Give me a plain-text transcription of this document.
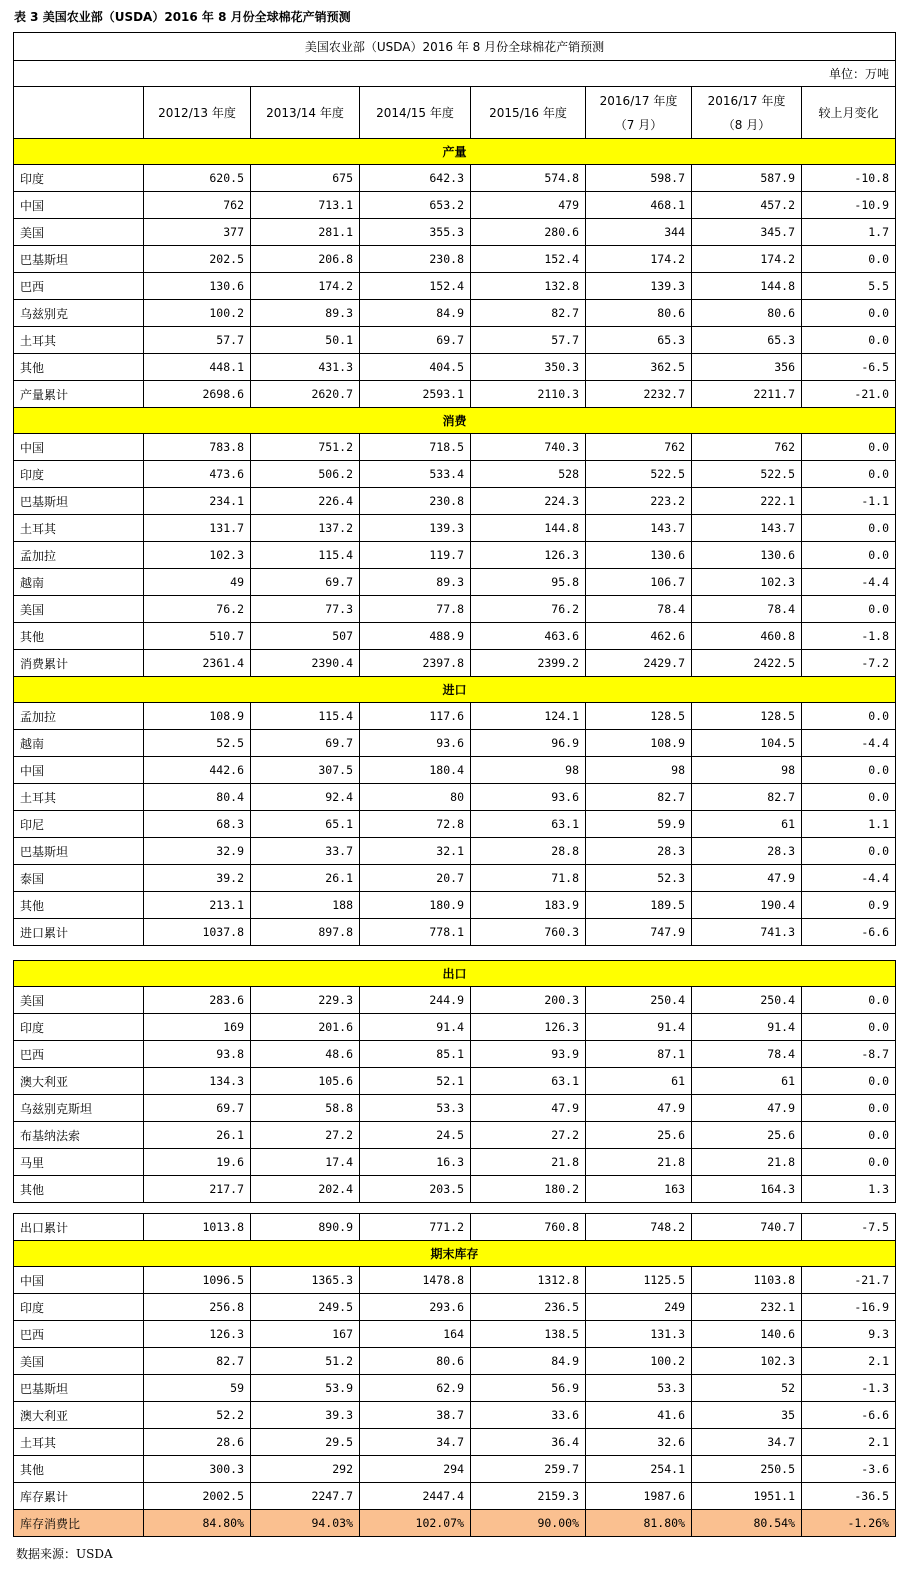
表 3 美国农业部（USDA）2016 年 8 月份全球棉花产销预测
美国农业部（USDA）2016 年 8 月份全球棉花产销预测							
单位：万吨							
	2012/13 年度	2013/14 年度	2014/15 年度	2015/16 年度	2016/17 年度（7 月）	2016/17 年度（8 月）	较上月变化
产量							
印度	620.5	675	642.3	574.8	598.7	587.9	-10.8
中国	762	713.1	653.2	479	468.1	457.2	-10.9
美国	377	281.1	355.3	280.6	344	345.7	1.7
巴基斯坦	202.5	206.8	230.8	152.4	174.2	174.2	0.0
巴西	130.6	174.2	152.4	132.8	139.3	144.8	5.5
乌兹别克	100.2	89.3	84.9	82.7	80.6	80.6	0.0
土耳其	57.7	50.1	69.7	57.7	65.3	65.3	0.0
其他	448.1	431.3	404.5	350.3	362.5	356	-6.5
产量累计	2698.6	2620.7	2593.1	2110.3	2232.7	2211.7	-21.0
消费							
中国	783.8	751.2	718.5	740.3	762	762	0.0
印度	473.6	506.2	533.4	528	522.5	522.5	0.0
巴基斯坦	234.1	226.4	230.8	224.3	223.2	222.1	-1.1
土耳其	131.7	137.2	139.3	144.8	143.7	143.7	0.0
孟加拉	102.3	115.4	119.7	126.3	130.6	130.6	0.0
越南	49	69.7	89.3	95.8	106.7	102.3	-4.4
美国	76.2	77.3	77.8	76.2	78.4	78.4	0.0
其他	510.7	507	488.9	463.6	462.6	460.8	-1.8
消费累计	2361.4	2390.4	2397.8	2399.2	2429.7	2422.5	-7.2
进口							
孟加拉	108.9	115.4	117.6	124.1	128.5	128.5	0.0
越南	52.5	69.7	93.6	96.9	108.9	104.5	-4.4
中国	442.6	307.5	180.4	98	98	98	0.0
土耳其	80.4	92.4	80	93.6	82.7	82.7	0.0
印尼	68.3	65.1	72.8	63.1	59.9	61	1.1
巴基斯坦	32.9	33.7	32.1	28.8	28.3	28.3	0.0
泰国	39.2	26.1	20.7	71.8	52.3	47.9	-4.4
其他	213.1	188	180.9	183.9	189.5	190.4	0.9
进口累计	1037.8	897.8	778.1	760.3	747.9	741.3	-6.6
出口							
美国	283.6	229.3	244.9	200.3	250.4	250.4	0.0
印度	169	201.6	91.4	126.3	91.4	91.4	0.0
巴西	93.8	48.6	85.1	93.9	87.1	78.4	-8.7
澳大利亚	134.3	105.6	52.1	63.1	61	61	0.0
乌兹别克斯坦	69.7	58.8	53.3	47.9	47.9	47.9	0.0
布基纳法索	26.1	27.2	24.5	27.2	25.6	25.6	0.0
马里	19.6	17.4	16.3	21.8	21.8	21.8	0.0
其他	217.7	202.4	203.5	180.2	163	164.3	1.3
出口累计	1013.8	890.9	771.2	760.8	748.2	740.7	-7.5
期末库存							
中国	1096.5	1365.3	1478.8	1312.8	1125.5	1103.8	-21.7
印度	256.8	249.5	293.6	236.5	249	232.1	-16.9
巴西	126.3	167	164	138.5	131.3	140.6	9.3
美国	82.7	51.2	80.6	84.9	100.2	102.3	2.1
巴基斯坦	59	53.9	62.9	56.9	53.3	52	-1.3
澳大利亚	52.2	39.3	38.7	33.6	41.6	35	-6.6
土耳其	28.6	29.5	34.7	36.4	32.6	34.7	2.1
其他	300.3	292	294	259.7	254.1	250.5	-3.6
库存累计	2002.5	2247.7	2447.4	2159.3	1987.6	1951.1	-36.5
库存消费比	84.80%	94.03%	102.07%	90.00%	81.80%	80.54%	-1.26%
数据来源：USDA
